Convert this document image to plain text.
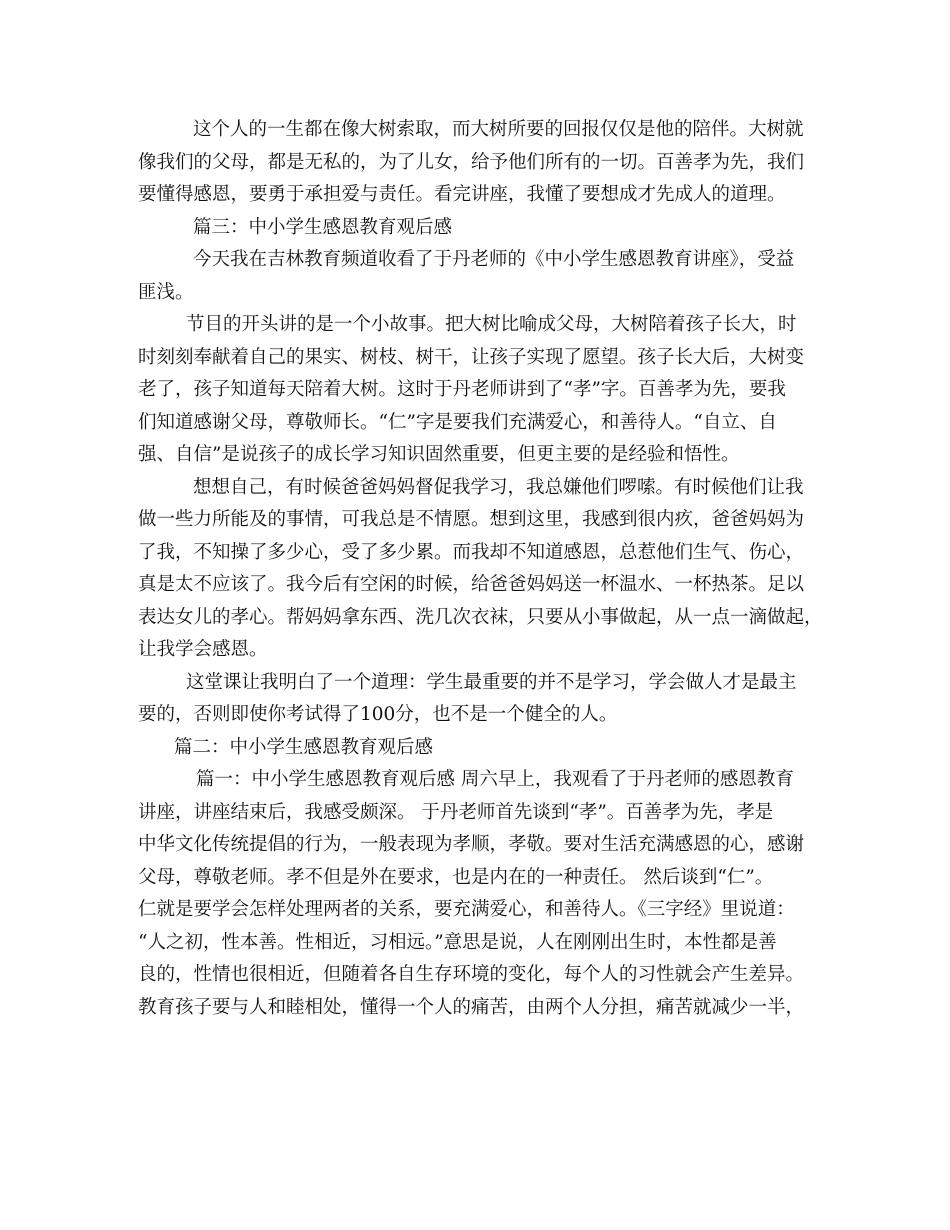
这个人的一生都在像大树索取，而大树所要的回报仅仅是他的陪伴。大树就
像我们的父母，都是无私的，为了儿女，给予他们所有的一切。百善孝为先，我们
要懂得感恩，要勇于承担爱与责任。看完讲座，我懂了要想成才先成人的道理。
篇三：中小学生感恩教育观后感
今天我在吉林教育频道收看了于丹老师的《中小学生感恩教育讲座》，受益
匪浅。
节目的开头讲的是一个小故事。把大树比喻成父母，大树陪着孩子长大，时
时刻刻奉献着自己的果实、树枝、树干，让孩子实现了愿望。孩子长大后，大树变
老了，孩子知道每天陪着大树。这时于丹老师讲到了“孝”字。百善孝为先，要我
们知道感谢父母，尊敬师长。“仁”字是要我们充满爱心，和善待人。“自立、自
强、自信”是说孩子的成长学习知识固然重要，但更主要的是经验和悟性。
想想自己，有时候爸爸妈妈督促我学习，我总嫌他们啰嗦。有时候他们让我
做一些力所能及的事情，可我总是不情愿。想到这里，我感到很内疚，爸爸妈妈为
了我，不知操了多少心，受了多少累。而我却不知道感恩，总惹他们生气、伤心，
真是太不应该了。我今后有空闲的时候，给爸爸妈妈送一杯温水、一杯热茶。足以
表达女儿的孝心。帮妈妈拿东西、洗几次衣袜，只要从小事做起，从一点一滴做起，
让我学会感恩。
这堂课让我明白了一个道理：学生最重要的并不是学习，学会做人才是最主
要的，否则即使你考试得了100分，也不是一个健全的人。
篇二：中小学生感恩教育观后感
篇一：中小学生感恩教育观后感 周六早上，我观看了于丹老师的感恩教育
讲座，讲座结束后，我感受颇深。 于丹老师首先谈到“孝”。百善孝为先，孝是
中华文化传统提倡的行为，一般表现为孝顺，孝敬。要对生活充满感恩的心，感谢
父母，尊敬老师。孝不但是外在要求，也是内在的一种责任。 然后谈到“仁”。
仁就是要学会怎样处理两者的关系，要充满爱心，和善待人。《三字经》里说道：
“人之初，性本善。性相近，习相远。”意思是说，人在刚刚出生时，本性都是善
良的，性情也很相近，但随着各自生存环境的变化，每个人的习性就会产生差异。
教育孩子要与人和睦相处，懂得一个人的痛苦，由两个人分担，痛苦就减少一半，
